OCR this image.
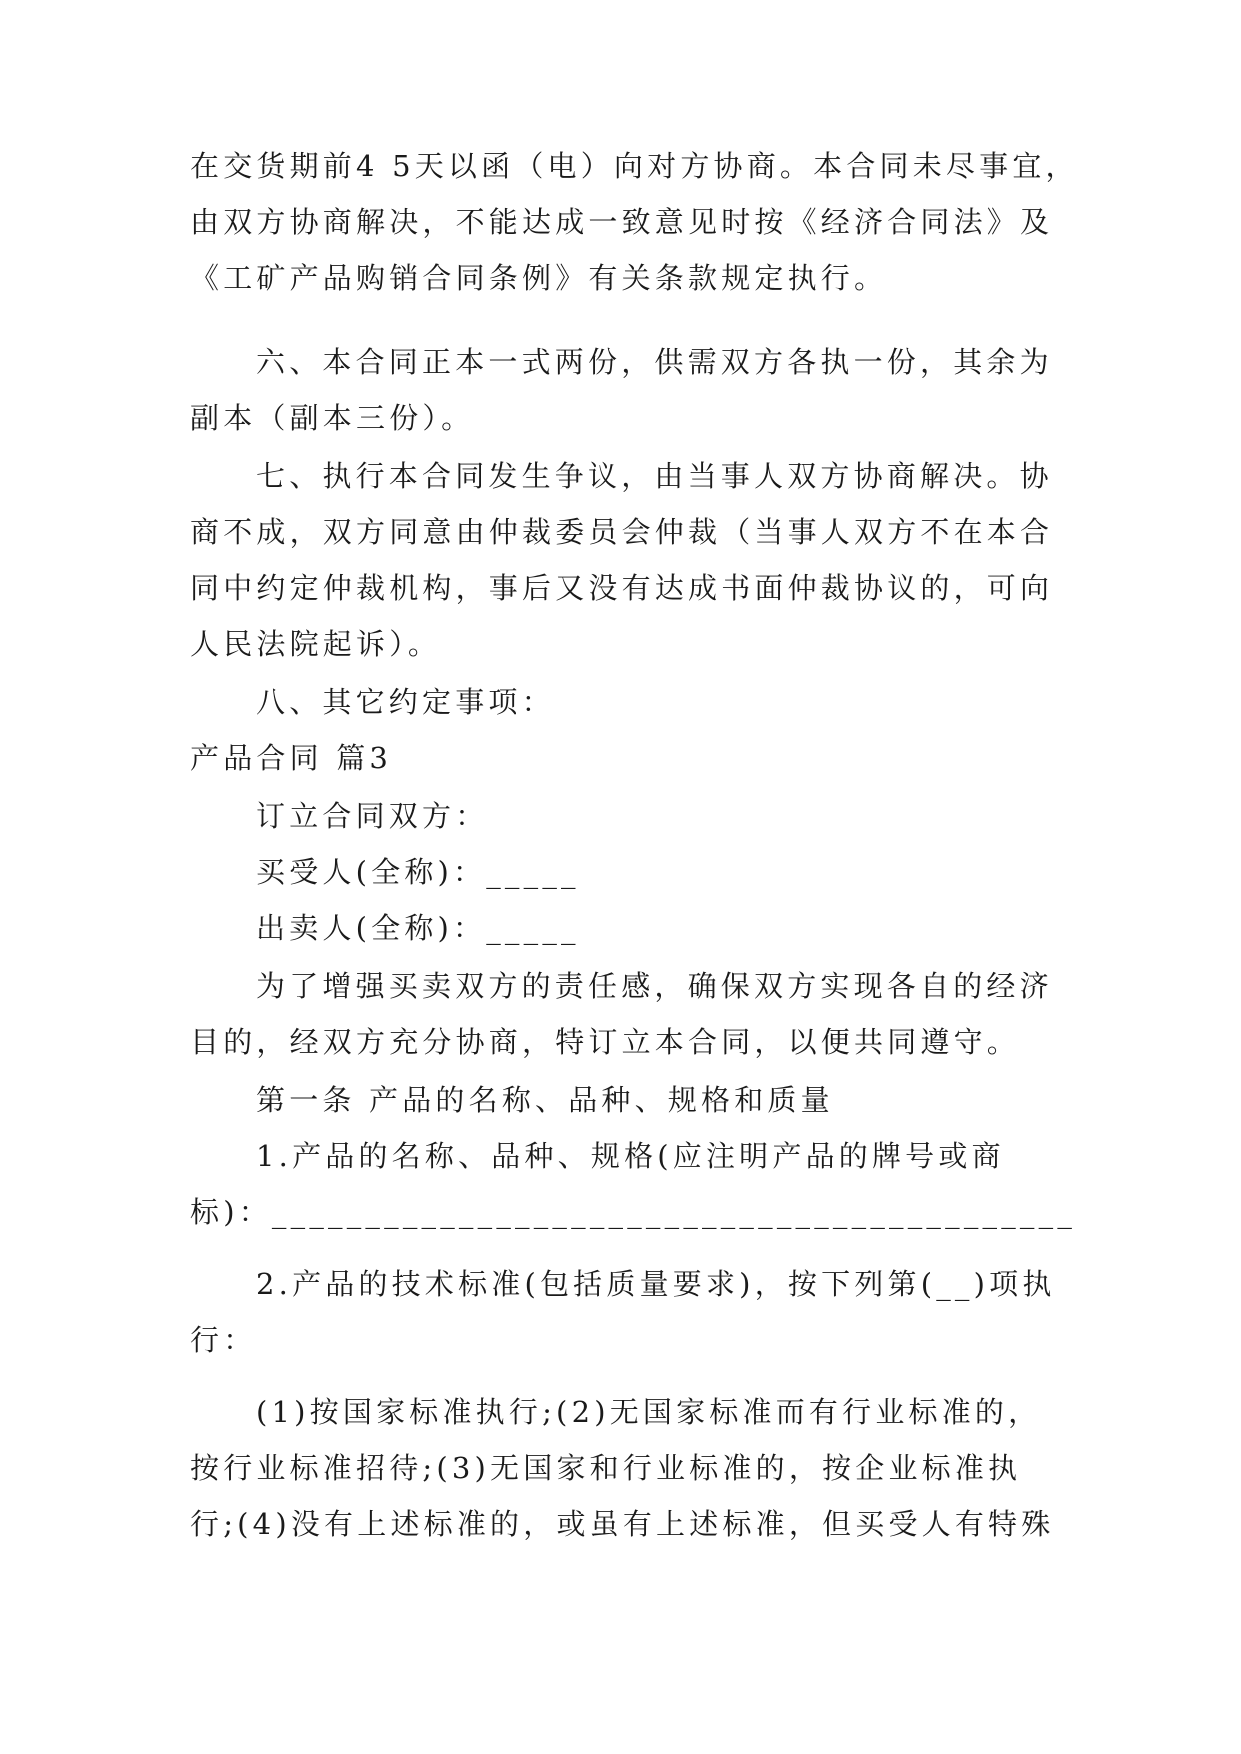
在交货期前4 5天以函（电）向对方协商。本合同未尽事宜，
由双方协商解决，不能达成一致意见时按《经济合同法》及
《工矿产品购销合同条例》有关条款规定执行。
六、本合同正本一式两份，供需双方各执一份，其余为
副本（副本三份）。
七、执行本合同发生争议，由当事人双方协商解决。协
商不成，双方同意由仲裁委员会仲裁（当事人双方不在本合
同中约定仲裁机构，事后又没有达成书面仲裁协议的，可向
人民法院起诉）。
八、其它约定事项：
产品合同 篇3
订立合同双方：
买受人(全称)：_____
出卖人(全称)：_____
为了增强买卖双方的责任感，确保双方实现各自的经济
目的，经双方充分协商，特订立本合同，以便共同遵守。
第一条 产品的名称、品种、规格和质量
1.产品的名称、品种、规格(应注明产品的牌号或商
标)：___________________________________________
2.产品的技术标准(包括质量要求)，按下列第(__)项执
行：
(1)按国家标准执行;(2)无国家标准而有行业标准的，
按行业标准招待;(3)无国家和行业标准的，按企业标准执
行;(4)没有上述标准的，或虽有上述标准，但买受人有特殊
